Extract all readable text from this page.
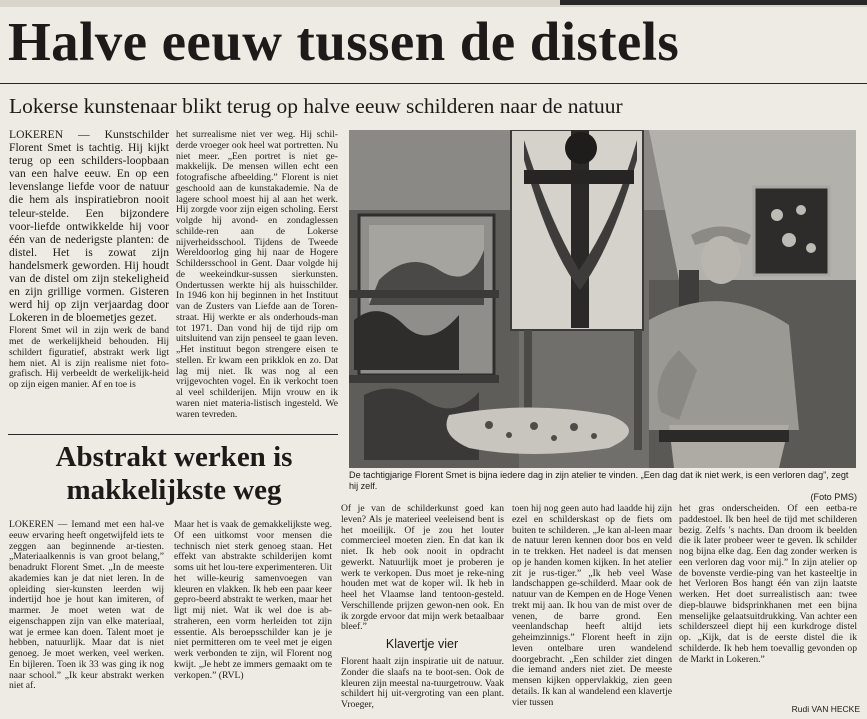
Halve eeuw tussen de distels
Lokerse kunstenaar blikt terug op halve eeuw schilderen naar de natuur

LOKEREN — Kunstschilder Florent Smet is tachtig. Hij kijkt terug op een schilders-loopbaan van een halve eeuw. En op een levenslange liefde voor de natuur die hem als inspiratiebron nooit teleur-stelde. Een bijzondere voor-liefde ontwikkelde hij voor één van de nederigste planten: de distel. Het is zowat zijn handelsmerk geworden. Hij houdt van de distel om zijn stekeligheid en zijn grillige vormen. Gisteren werd hij op zijn verjaardag door Lokeren in de bloemetjes gezet.

Florent Smet wil in zijn werk de band met de werkelijkheid behouden. Hij schildert figuratief, abstrakt werk ligt hem niet. Al is zijn realisme niet foto-grafisch. Hij verbeeldt de werkelijk-heid op zijn eigen manier. Af en toe is

het surrealisme niet ver weg. Hij schil-derde vroeger ook heel wat portretten. Nu niet meer. „Een portret is niet ge-makkelijk. De mensen willen echt een fotografische afbeelding.” Florent is niet geschoold aan de kunstakademie. Na de lagere school moest hij al aan het werk. Hij zorgde voor zijn eigen scholing. Eerst volgde hij avond- en zondaglessen schilde-ren aan de Lokerse nijverheidsschool. Tijdens de Tweede Wereldoorlog ging hij naar de Hogere Schildersschool in Gent. Daar volgde hij de weekeindkur-sussen sierkunsten. Ondertussen werkte hij als huisschilder. In 1946 kon hij beginnen in het Instituut van de Zusters van Liefde aan de Toren-straat. Hij werkte er als onderhouds-man tot 1971. Dan vond hij de tijd rijp om uitsluitend van zijn penseel te gaan leven. „Het instituut begon strengere eisen te stellen. Er kwam een prikklok en zo. Dat lag mij niet. Ik was nog al een vrijgevochten vogel. En ik verkocht toen al veel schilderijen. Mijn vrouw en ik waren niet materia-listisch ingesteld. We waren tevreden.

De tachtigjarige Florent Smet is bijna iedere dag in zijn atelier te vinden. „Een dag dat ik niet werk, is een verloren dag”, zegt hij zelf.
(Foto PMS)
Abstrakt werken is
makkelijkste weg

LOKEREN — Iemand met een hal-ve eeuw ervaring heeft ongetwijfeld iets te zeggen aan beginnende ar-tiesten. „Materiaalkennis is van groot belang,” benadrukt Florent Smet. „In de meeste akademies kan je dat niet leren. In de opleiding sier-kunsten leerden wij indertijd hoe je hout kan imiteren, of marmer. Je moet weten wat de eigenschappen zijn van elke materiaal, wat je ermee kan doen. Talent moet je hebben, natuurlijk. Maar dat is niet genoeg. Je moet werken, veel werken. En bijleren. Toen ik 33 was ging ik nog naar school.” „Ik keur abstrakt werken niet af.

Maar het is vaak de gemakkelijkste weg. Of een uitkomst voor mensen die technisch niet sterk genoeg staan. Het effekt van abstrakte schilderijen komt soms uit het lou-tere experimenteren. Uit het wille-keurig samenvoegen van kleuren en vlakken. Ik heb een paar keer gepro-beerd abstrakt te werken, maar het ligt mij niet. Wat ik wel doe is ab-straheren, een vorm herleiden tot zijn essentie. Als beroepsschilder kan je je niet permitteren om te veel met je eigen werk verbonden te zijn, wil Florent nog kwijt. „Je hebt ze immers gemaakt om te verkopen.” (RVL)

Of je van de schilderkunst goed kan leven? Als je materieel veeleisend bent is het moeilijk. Of je zou het louter commercieel moeten zien. En dat kan ik niet. Ik heb ook nooit in opdracht gewerkt. Natuurlijk moet je proberen je werk te verkopen. Dus moet je reke-ning houden met wat de koper wil. Ik heb in heel het Vlaamse land tentoon-gesteld. Verschillende prijzen gewon-nen ook. En ik zorgde ervoor dat mijn werk betaalbaar bleef.”

Klavertje vier

Florent haalt zijn inspiratie uit de natuur. Zonder die slaafs na te boot-sen. Ook de kleuren zijn meestal na-tuurgetrouw. Vaak schildert hij uit-vergroting van een plant. Vroeger,

toen hij nog geen auto had laadde hij zijn ezel en schilderskast op de fiets om buiten te schilderen. „Je kan al-leen maar de natuur leren kennen door bos en veld in te trekken. Het nadeel is dat mensen op je handen komen kijken. In het atelier zit je rus-tiger.” „Ik heb veel Wase landschappen ge-schilderd. Maar ook de natuur van de Kempen en de Hoge Venen trekt mij aan. Ik hou van de mist over de venen, de barre grond. Een veenlandschap heeft altijd iets geheimzinnigs.” Florent heeft in zijn leven ontelbare uren wandelend doorgebracht. „Een schilder ziet dingen die iemand anders niet ziet. De meeste mensen kijken oppervlakkig, zien geen details. Ik kan al wandelend een klavertje vier tussen

het gras onderscheiden. Of een eetba-re paddestoel. Ik ben heel de tijd met schilderen bezig. Zelfs 's nachts. Dan droom ik beelden die ik later probeer weer te geven. Ik schilder nog bijna elke dag. Een dag zonder werken is een verloren dag voor mij.” In zijn atelier op de bovenste verdie-ping van het kasteeltje in het Verloren Bos hangt één van zijn laatste werken. Het doet surrealistisch aan: twee diep-blauwe bidsprinkhanen met een bijna menselijke gelaatsuitdrukking. Van achter een schilderszeel diept hij een kurkdroge distel op. „Kijk, dat is de eerste distel die ik schilderde. Ik heb hem toevallig gevonden op de Markt in Lokeren.”

Rudi VAN HECKE
